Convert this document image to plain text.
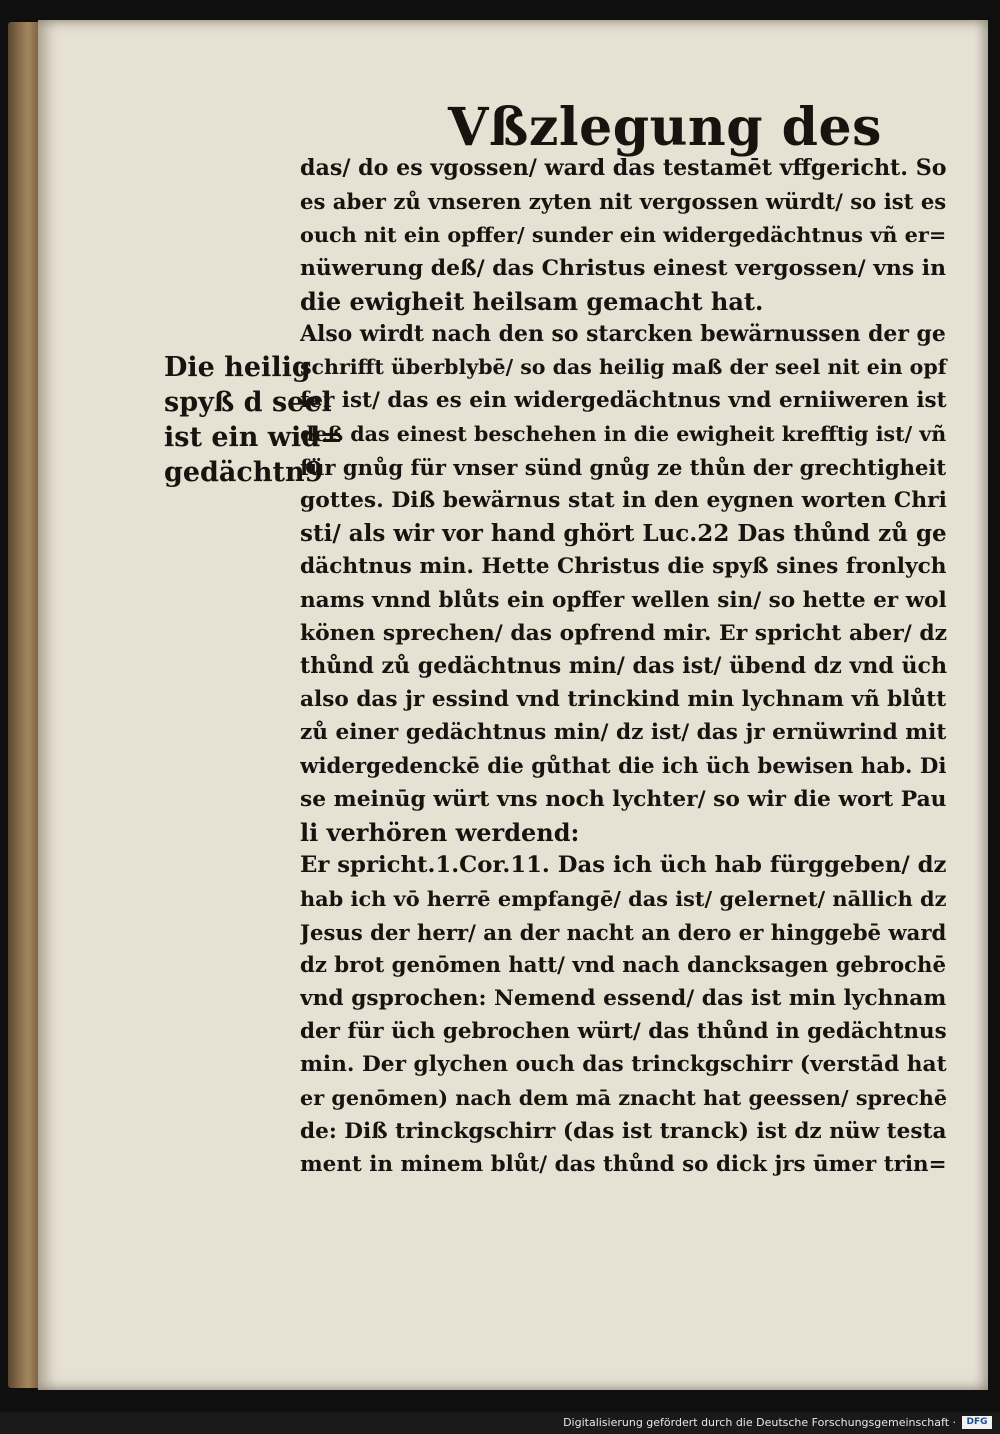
Vßzlegung des
Die heilig
spyß d seel
ist ein wid=
gedächtn9
das/ do es vgossen/ ward das testamēt vffgericht. So
es aber zů vnseren zyten nit vergossen würdt/ so ist es
ouch nit ein opffer/ sunder ein widergedächtnus vñ er=
nüwerung deß/ das Christus einest vergossen/ vns in
die ewigheit heilsam gemacht hat.
Also wirdt nach den so starcken bewärnussen der ge
schrifft überblybē/ so das heilig maß der seel nit ein opf
fer ist/ das es ein widergedächtnus vnd erniiweren ist
deß das einest beschehen in die ewigheit krefftig ist/ vñ
für gnůg für vnser sünd gnůg ze thůn der grechtigheit
gottes. Diß bewärnus stat in den eygnen worten Chri
sti/ als wir vor hand ghört Luc.22 Das thůnd zů ge
dächtnus min. Hette Christus die spyß sines fronlych
nams vnnd blůts ein opffer wellen sin/ so hette er wol
könen sprechen/ das opfrend mir. Er spricht aber/ dz
thůnd zů gedächtnus min/ das ist/ übend dz vnd üch
also das jr essind vnd trinckind min lychnam vñ blůtt
zů einer gedächtnus min/ dz ist/ das jr ernüwrind mit
widergedenckē die gůthat die ich üch bewisen hab. Di
se meinūg würt vns noch lychter/ so wir die wort Pau
li verhören werdend:
Er spricht.1.Cor.11. Das ich üch hab fürggeben/ dz
hab ich vō herrē empfangē/ das ist/ gelernet/ nāllich dz
Jesus der herr/ an der nacht an dero er hinggebē ward
dz brot genōmen hatt/ vnd nach dancksagen gebrochē
vnd gsprochen: Nemend essend/ das ist min lychnam
der für üch gebrochen würt/ das thůnd in gedächtnus
min. Der glychen ouch das trinckgschirr (verstād hat
er genōmen) nach dem mā znacht hat geessen/ sprechē
de: Diß trinckgschirr (das ist tranck) ist dz nüw testa
ment in minem blůt/ das thůnd so dick jrs ūmer trin=
Digitalisierung gefördert durch die Deutsche Forschungsgemeinschaft ·	DFG
